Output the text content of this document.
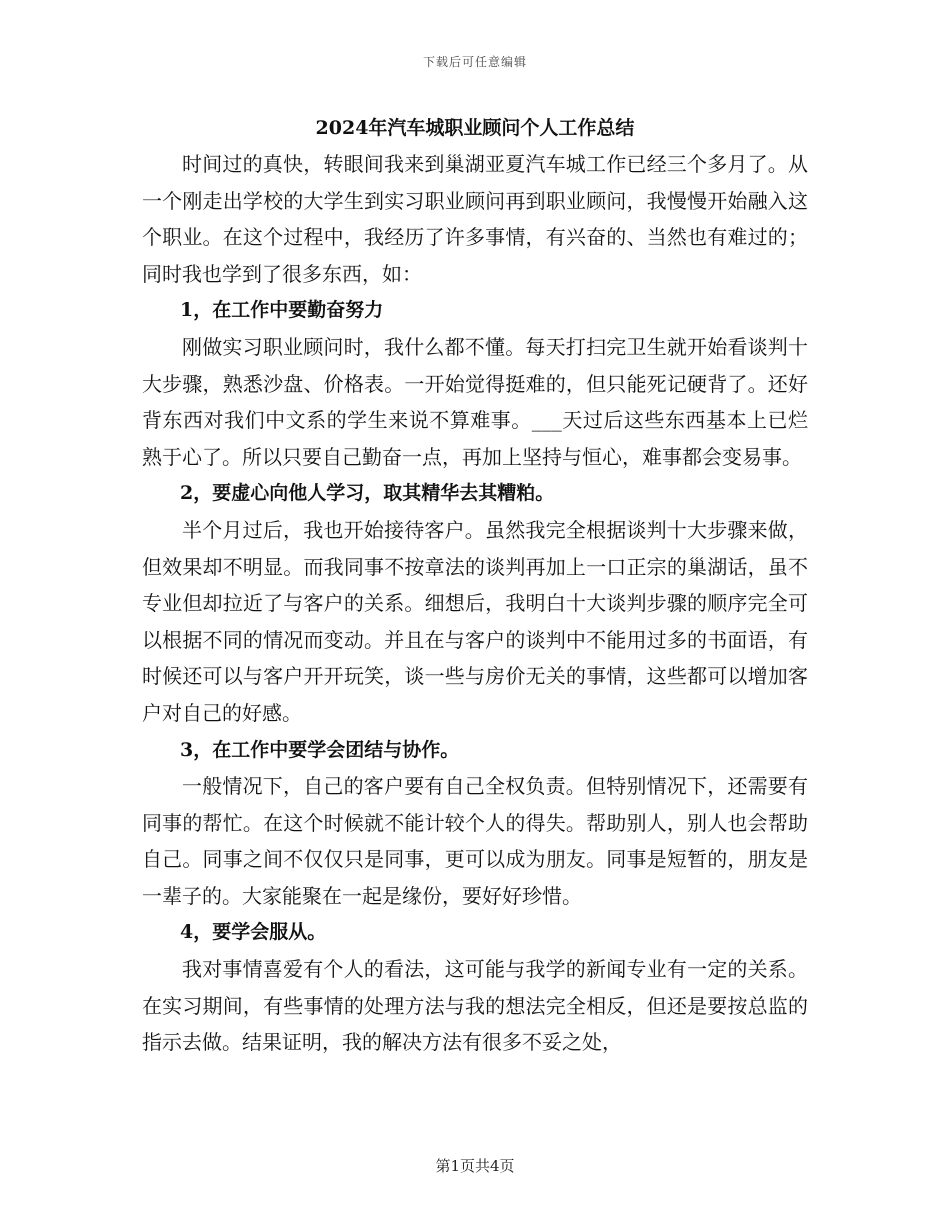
下载后可任意编辑
2024年汽车城职业顾问个人工作总结

时间过的真快，转眼间我来到巢湖亚夏汽车城工作已经三个多月了。从一个刚走出学校的大学生到实习职业顾问再到职业顾问，我慢慢开始融入这个职业。在这个过程中，我经历了许多事情，有兴奋的、当然也有难过的；同时我也学到了很多东西，如：

1，在工作中要勤奋努力

刚做实习职业顾问时，我什么都不懂。每天打扫完卫生就开始看谈判十大步骤，熟悉沙盘、价格表。一开始觉得挺难的，但只能死记硬背了。还好背东西对我们中文系的学生来说不算难事。___天过后这些东西基本上已烂熟于心了。所以只要自己勤奋一点，再加上坚持与恒心，难事都会变易事。

2，要虚心向他人学习，取其精华去其糟粕。

半个月过后，我也开始接待客户。虽然我完全根据谈判十大步骤来做，但效果却不明显。而我同事不按章法的谈判再加上一口正宗的巢湖话，虽不专业但却拉近了与客户的关系。细想后，我明白十大谈判步骤的顺序完全可以根据不同的情况而变动。并且在与客户的谈判中不能用过多的书面语，有时候还可以与客户开开玩笑，谈一些与房价无关的事情，这些都可以增加客户对自己的好感。

3，在工作中要学会团结与协作。

一般情况下，自己的客户要有自己全权负责。但特别情况下，还需要有同事的帮忙。在这个时候就不能计较个人的得失。帮助别人，别人也会帮助自己。同事之间不仅仅只是同事，更可以成为朋友。同事是短暂的，朋友是一辈子的。大家能聚在一起是缘份，要好好珍惜。

4，要学会服从。

我对事情喜爱有个人的看法，这可能与我学的新闻专业有一定的关系。在实习期间，有些事情的处理方法与我的想法完全相反，但还是要按总监的指示去做。结果证明，我的解决方法有很多不妥之处，

第1页共4页
